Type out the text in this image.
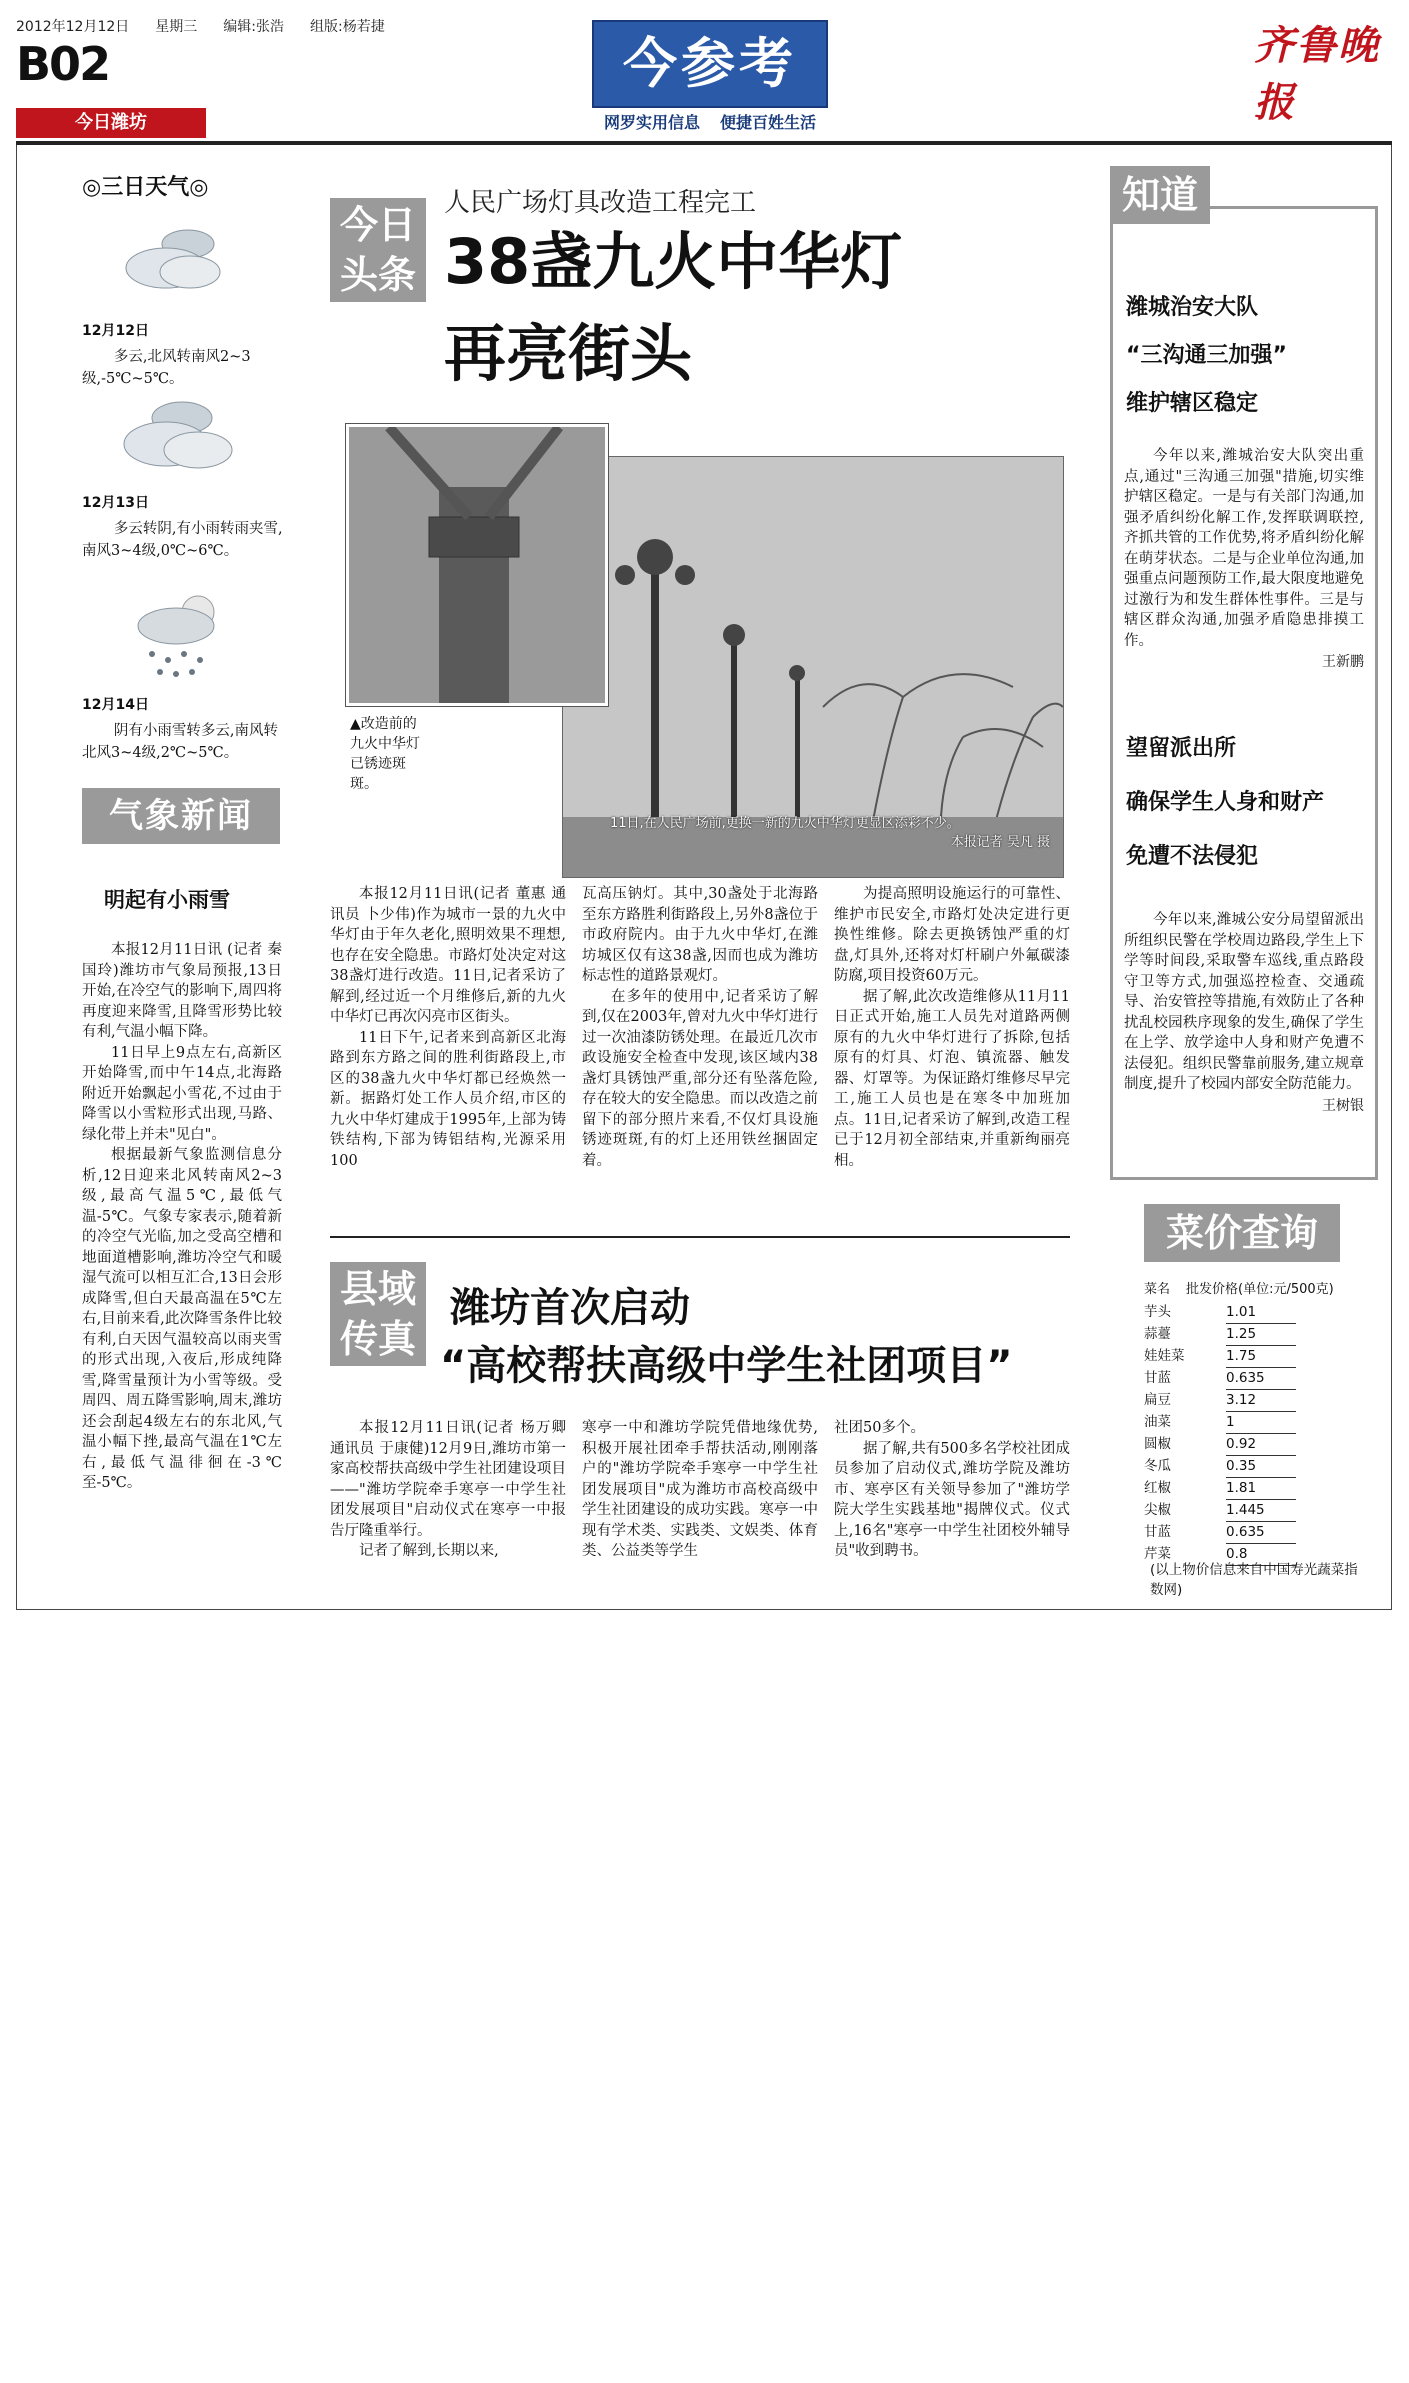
2012年12月12日 星期三 编辑:张浩 组版:杨若捷
B02
今日潍坊
今参考
网罗实用信息 便捷百姓生活
齐鲁晚报
◎三日天气◎
12月12日
多云,北风转南风2~3级,-5℃~5℃。
12月13日
多云转阴,有小雨转雨夹雪,南风3~4级,0℃~6℃。
12月14日
阴有小雨雪转多云,南风转北风3~4级,2℃~5℃。
气象新闻
明起有小雨雪

本报12月11日讯 (记者 秦国玲)潍坊市气象局预报,13日开始,在冷空气的影响下,周四将再度迎来降雪,且降雪形势比较有利,气温小幅下降。

11日早上9点左右,高新区开始降雪,而中午14点,北海路附近开始飘起小雪花,不过由于降雪以小雪粒形式出现,马路、绿化带上并未"见白"。

根据最新气象监测信息分析,12日迎来北风转南风2~3级,最高气温5℃,最低气温-5℃。气象专家表示,随着新的冷空气光临,加之受高空槽和地面道槽影响,潍坊冷空气和暖湿气流可以相互汇合,13日会形成降雪,但白天最高温在5℃左右,目前来看,此次降雪条件比较有利,白天因气温较高以雨夹雪的形式出现,入夜后,形成纯降雪,降雪量预计为小雪等级。受周四、周五降雪影响,周末,潍坊还会刮起4级左右的东北风,气温小幅下挫,最高气温在1℃左右,最低气温徘徊在-3℃至-5℃。

今日头条
人民广场灯具改造工程完工
38盏九火中华灯
再亮街头
11日,在人民广场前,更换一新的九火中华灯更显区添彩不少。
本报记者 吴凡 摄
▲改造前的九火中华灯已锈迹斑斑。

本报12月11日讯(记者 董惠 通讯员 卜少伟)作为城市一景的九火中华灯由于年久老化,照明效果不理想,也存在安全隐患。市路灯处决定对这38盏灯进行改造。11日,记者采访了解到,经过近一个月维修后,新的九火中华灯已再次闪亮市区街头。

11日下午,记者来到高新区北海路到东方路之间的胜利街路段上,市区的38盏九火中华灯都已经焕然一新。据路灯处工作人员介绍,市区的九火中华灯建成于1995年,上部为铸铁结构,下部为铸铝结构,光源采用100

瓦高压钠灯。其中,30盏处于北海路至东方路胜利街路段上,另外8盏位于市政府院内。由于九火中华灯,在潍坊城区仅有这38盏,因而也成为潍坊标志性的道路景观灯。

在多年的使用中,记者采访了解到,仅在2003年,曾对九火中华灯进行过一次油漆防锈处理。在最近几次市政设施安全检查中发现,该区域内38盏灯具锈蚀严重,部分还有坠落危险,存在较大的安全隐患。而以改造之前留下的部分照片来看,不仅灯具设施锈迹斑斑,有的灯上还用铁丝捆固定着。

为提高照明设施运行的可靠性、维护市民安全,市路灯处决定进行更换性维修。除去更换锈蚀严重的灯盘,灯具外,还将对灯杆刷户外氟碳漆防腐,项目投资60万元。

据了解,此次改造维修从11月11日正式开始,施工人员先对道路两侧原有的九火中华灯进行了拆除,包括原有的灯具、灯泡、镇流器、触发器、灯罩等。为保证路灯维修尽早完工,施工人员也是在寒冬中加班加点。11日,记者采访了解到,改造工程已于12月初全部结束,并重新绚丽亮相。

县域传真
潍坊首次启动
“高校帮扶高级中学生社团项目”

本报12月11日讯(记者 杨万卿 通讯员 于康健)12月9日,潍坊市第一家高校帮扶高级中学生社团建设项目——"潍坊学院牵手寒亭一中学生社团发展项目"启动仪式在寒亭一中报告厅隆重举行。

记者了解到,长期以来,

寒亭一中和潍坊学院凭借地缘优势,积极开展社团牵手帮扶活动,刚刚落户的"潍坊学院牵手寒亭一中学生社团发展项目"成为潍坊市高校高级中学生社团建设的成功实践。寒亭一中现有学术类、实践类、文娱类、体育类、公益类等学生

社团50多个。

据了解,共有500多名学校社团成员参加了启动仪式,潍坊学院及潍坊市、寒亭区有关领导参加了"潍坊学院大学生实践基地"揭牌仪式。仪式上,16名"寒亭一中学生社团校外辅导员"收到聘书。

知道
潍城治安大队
“三沟通三加强”
维护辖区稳定

今年以来,潍城治安大队突出重点,通过"三沟通三加强"措施,切实维护辖区稳定。一是与有关部门沟通,加强矛盾纠纷化解工作,发挥联调联控,齐抓共管的工作优势,将矛盾纠纷化解在萌芽状态。二是与企业单位沟通,加强重点问题预防工作,最大限度地避免过激行为和发生群体性事件。三是与辖区群众沟通,加强矛盾隐患排摸工作。

王新鹏
望留派出所
确保学生人身和财产
免遭不法侵犯

今年以来,潍城公安分局望留派出所组织民警在学校周边路段,学生上下学等时间段,采取警车巡线,重点路段守卫等方式,加强巡控检查、交通疏导、治安管控等措施,有效防止了各种扰乱校园秩序现象的发生,确保了学生在上学、放学途中人身和财产免遭不法侵犯。组织民警靠前服务,建立规章制度,提升了校园内部安全防范能力。

王树银
菜价查询
菜名 批发价格(单位:元/500克)
芋头	1.01
蒜薹	1.25
娃娃菜	1.75
甘蓝	0.635
扁豆	3.12
油菜	1
圆椒	0.92
冬瓜	0.35
红椒	1.81
尖椒	1.445
甘蓝	0.635
芹菜	0.8
(以上物价信息来自中国寿光蔬菜指数网)
